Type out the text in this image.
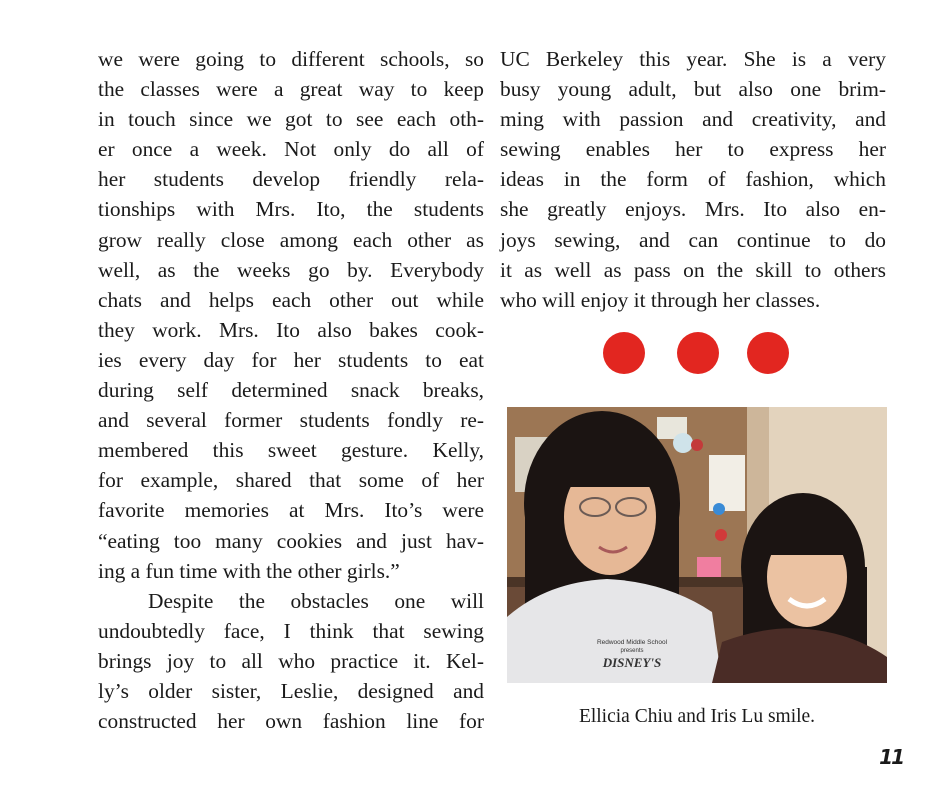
we were going to different schools, so
the classes were a great way to keep
in touch since we got to see each oth-
er once a week. Not only do all of
her students develop friendly rela-
tionships with Mrs. Ito, the students
grow really close among each other as
well, as the weeks go by. Everybody
chats and helps each other out while
they work. Mrs. Ito also bakes cook-
ies every day for her students to eat
during self determined snack breaks,
and several former students fondly re-
membered this sweet gesture. Kelly,
for example, shared that some of her
favorite memories at Mrs. Ito’s were
“eating too many cookies and just hav-
ing a fun time with the other girls.”
Despite the obstacles one will
undoubtedly face, I think that sewing
brings joy to all who practice it. Kel-
ly’s older sister, Leslie, designed and
constructed her own fashion line for
UC Berkeley this year. She is a very
busy young adult, but also one brim-
ming with passion and creativity, and
sewing enables her to express her
ideas in the form of fashion, which
she greatly enjoys. Mrs. Ito also en-
joys sewing, and can continue to do
it as well as pass on the skill to others
who will enjoy it through her classes.
Redwood Middle School
presents
DISNEY'S
Ellicia Chiu and Iris Lu smile.
11
